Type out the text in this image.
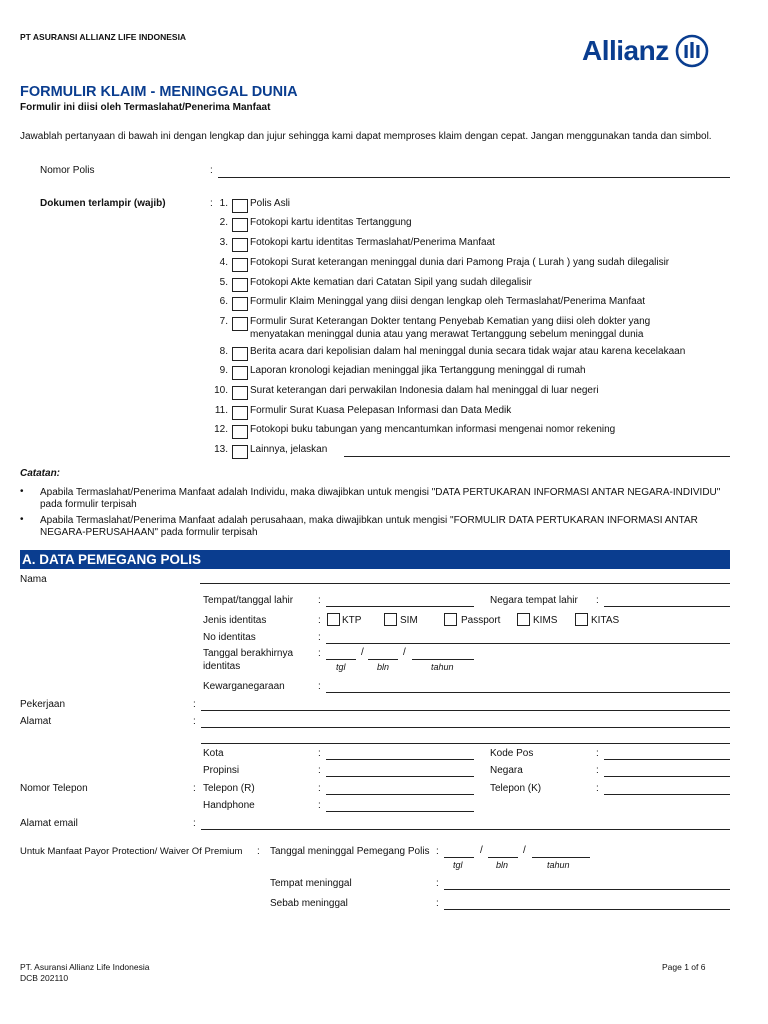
PT ASURANSI ALLIANZ LIFE INDONESIA	Allianz
FORMULIR KLAIM - MENINGGAL DUNIA
Formulir ini diisi oleh Termaslahat/Penerima Manfaat
Jawablah pertanyaan di bawah ini dengan lengkap dan jujur sehingga kami dapat memproses klaim dengan cepat. Jangan menggunakan tanda dan simbol.
Nomor Polis	:
Dokumen terlampir (wajib)	: 1. Polis Asli
2. Fotokopi kartu identitas Tertanggung
3. Fotokopi kartu identitas Termaslahat/Penerima Manfaat
4. Fotokopi Surat keterangan meninggal dunia dari Pamong Praja ( Lurah ) yang sudah dilegalisir
5. Fotokopi Akte kematian dari Catatan Sipil yang sudah dilegalisir
6. Formulir Klaim Meninggal yang diisi dengan lengkap oleh Termaslahat/Penerima Manfaat
7. Formulir Surat Keterangan Dokter tentang Penyebab Kematian yang diisi oleh dokter yang
menyatakan meninggal dunia atau yang merawat Tertanggung sebelum meninggal dunia
8. Berita acara dari kepolisian dalam hal meninggal dunia secara tidak wajar atau karena kecelakaan
9. Laporan kronologi kejadian meninggal jika Tertanggung meninggal di rumah
10. Surat keterangan dari perwakilan Indonesia dalam hal meninggal di luar negeri
11. Formulir Surat Kuasa Pelepasan Informasi dan Data Medik
12. Fotokopi buku tabungan yang mencantumkan informasi mengenai nomor rekening
13. Lainnya, jelaskan
Catatan:
• Apabila Termaslahat/Penerima Manfaat adalah Individu, maka diwajibkan untuk mengisi "DATA PERTUKARAN INFORMASI ANTAR NEGARA-INDIVIDU" pada formulir terpisah
• Apabila Termaslahat/Penerima Manfaat adalah perusahaan, maka diwajibkan untuk mengisi "FORMULIR DATA PERTUKARAN INFORMASI ANTAR NEGARA-PERUSAHAAN" pada formulir terpisah
A. DATA PEMEGANG POLIS
Nama
Tempat/tanggal lahir :	Negara tempat lahir :
Jenis identitas	: KTP	SIM	Passport	KIMS	KITAS
No identitas	:
Tanggal berakhirnya
identitas
:	/	/
tgl	bln	tahun
Kewarganegaraan	:
Pekerjaan	:
Alamat	:
Kota	:	Kode Pos	:
Propinsi	:	Negara	:
Nomor Telepon	: Telepon (R)	:	Telepon (K)	:
Handphone	:
Alamat email	:
Untuk Manfaat Payor Protection/ Waiver Of Premium : Tanggal meninggal Pemegang Polis :	/	/
tgl	bln	tahun
Tempat meninggal	:
Sebab meninggal	:
PT. Asuransi Allianz Life Indonesia
DCB 202110
Page 1 of 6
